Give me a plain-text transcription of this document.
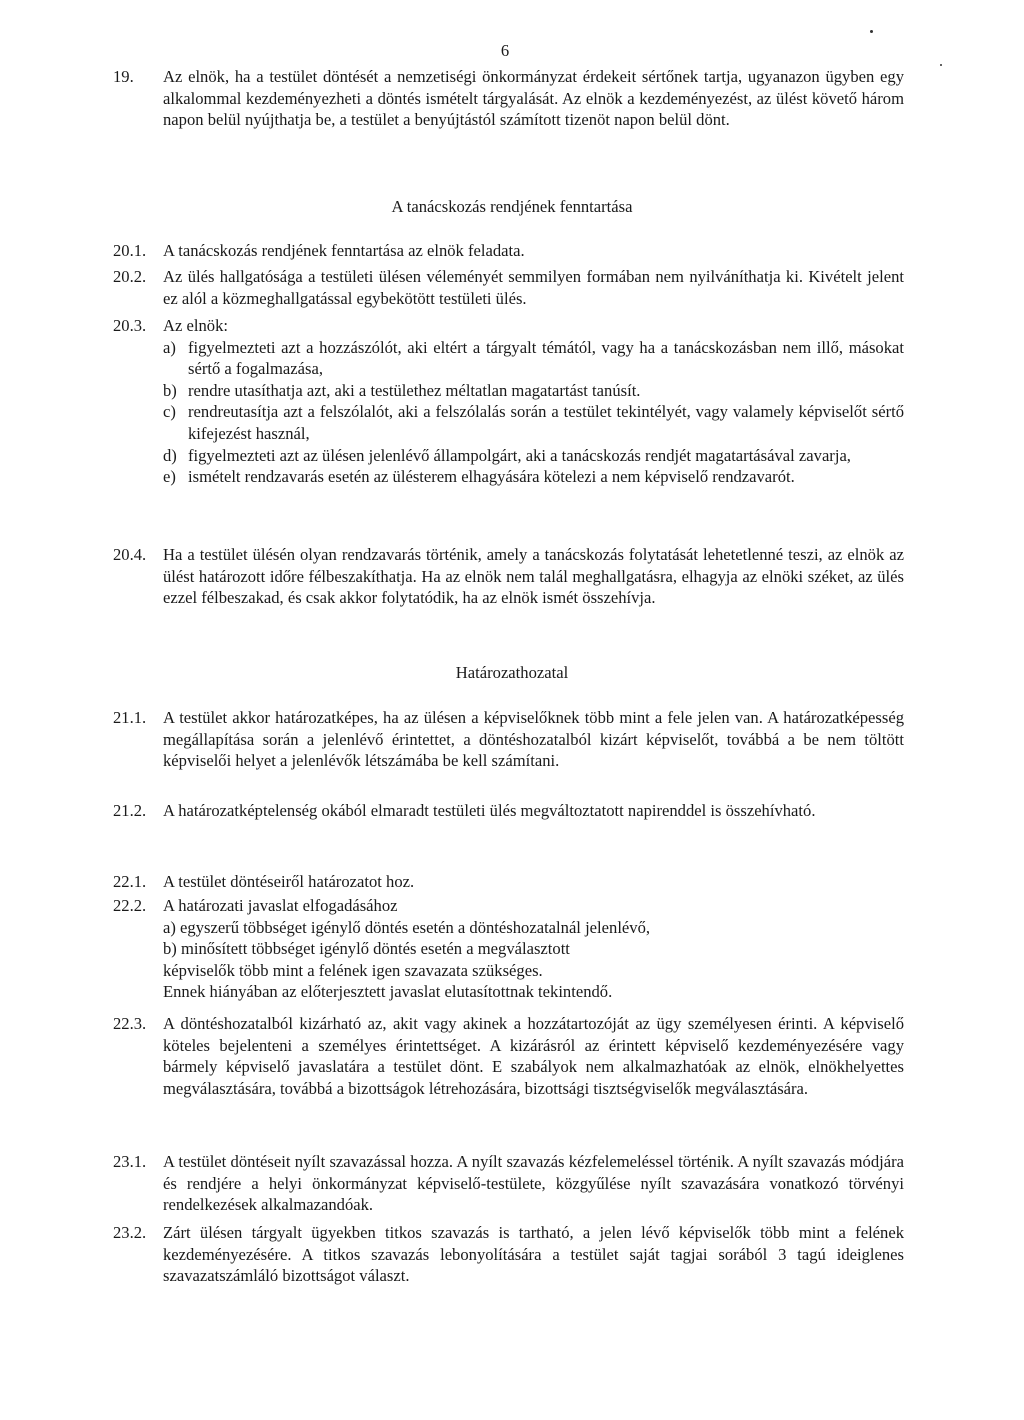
6
19. Az elnök, ha a testület döntését a nemzetiségi önkormányzat érdekeit sértőnek tartja, ugyanazon ügyben egy alkalommal kezdeményezheti a döntés ismételt tárgyalását. Az elnök a kezdeményezést, az ülést követő három napon belül nyújthatja be, a testület a benyújtástól számított tizenöt napon belül dönt.
A tanácskozás rendjének fenntartása
20.1. A tanácskozás rendjének fenntartása az elnök feladata.
20.2. Az ülés hallgatósága a testületi ülésen véleményét semmilyen formában nem nyilváníthatja ki. Kivételt jelent ez alól a közmeghallgatással egybekötött testületi ülés.
20.3. Az elnök:
a) figyelmezteti azt a hozzászólót, aki eltért a tárgyalt témától, vagy ha a tanácskozásban nem illő, másokat sértő a fogalmazása,
b) rendre utasíthatja azt, aki a testülethez méltatlan magatartást tanúsít.
c) rendreutasítja azt a felszólalót, aki a felszólalás során a testület tekintélyét, vagy valamely képviselőt sértő kifejezést használ,
d) figyelmezteti azt az ülésen jelenlévő állampolgárt, aki a tanácskozás rendjét magatartásával zavarja,
e) ismételt rendzavarás esetén az ülésterem elhagyására kötelezi a nem képviselő rendzavarót.
20.4. Ha a testület ülésén olyan rendzavarás történik, amely a tanácskozás folytatását lehetetlenné teszi, az elnök az ülést határozott időre félbeszakíthatja. Ha az elnök nem talál meghallgatásra, elhagyja az elnöki széket, az ülés ezzel félbeszakad, és csak akkor folytatódik, ha az elnök ismét összehívja.
Határozathozatal
21.1. A testület akkor határozatképes, ha az ülésen a képviselőknek több mint a fele jelen van. A határozatképesség megállapítása során a jelenlévő érintettet, a döntéshozatalból kizárt képviselőt, továbbá a be nem töltött képviselői helyet a jelenlévők létszámába be kell számítani.
21.2. A határozatképtelenség okából elmaradt testületi ülés megváltoztatott napirenddel is összehívható.
22.1. A testület döntéseiről határozatot hoz.
22.2. A határozati javaslat elfogadásához
a) egyszerű többséget igénylő döntés esetén a döntéshozatalnál jelenlévő,
b) minősített többséget igénylő döntés esetén a megválasztott
képviselők több mint a felének igen szavazata szükséges.
Ennek hiányában az előterjesztett javaslat elutasítottnak tekintendő.
22.3. A döntéshozatalból kizárható az, akit vagy akinek a hozzátartozóját az ügy személyesen érinti. A képviselő köteles bejelenteni a személyes érintettséget. A kizárásról az érintett képviselő kezdeményezésére vagy bármely képviselő javaslatára a testület dönt. E szabályok nem alkalmazhatóak az elnök, elnökhelyettes megválasztására, továbbá a bizottságok létrehozására, bizottsági tisztségviselők megválasztására.
23.1. A testület döntéseit nyílt szavazással hozza. A nyílt szavazás kézfelemeléssel történik. A nyílt szavazás módjára és rendjére a helyi önkormányzat képviselő-testülete, közgyűlése nyílt szavazására vonatkozó törvényi rendelkezések alkalmazandóak.
23.2. Zárt ülésen tárgyalt ügyekben titkos szavazás is tartható, a jelen lévő képviselők több mint a felének kezdeményezésére. A titkos szavazás lebonyolítására a testület saját tagjai sorából 3 tagú ideiglenes szavazatszámláló bizottságot választ.
